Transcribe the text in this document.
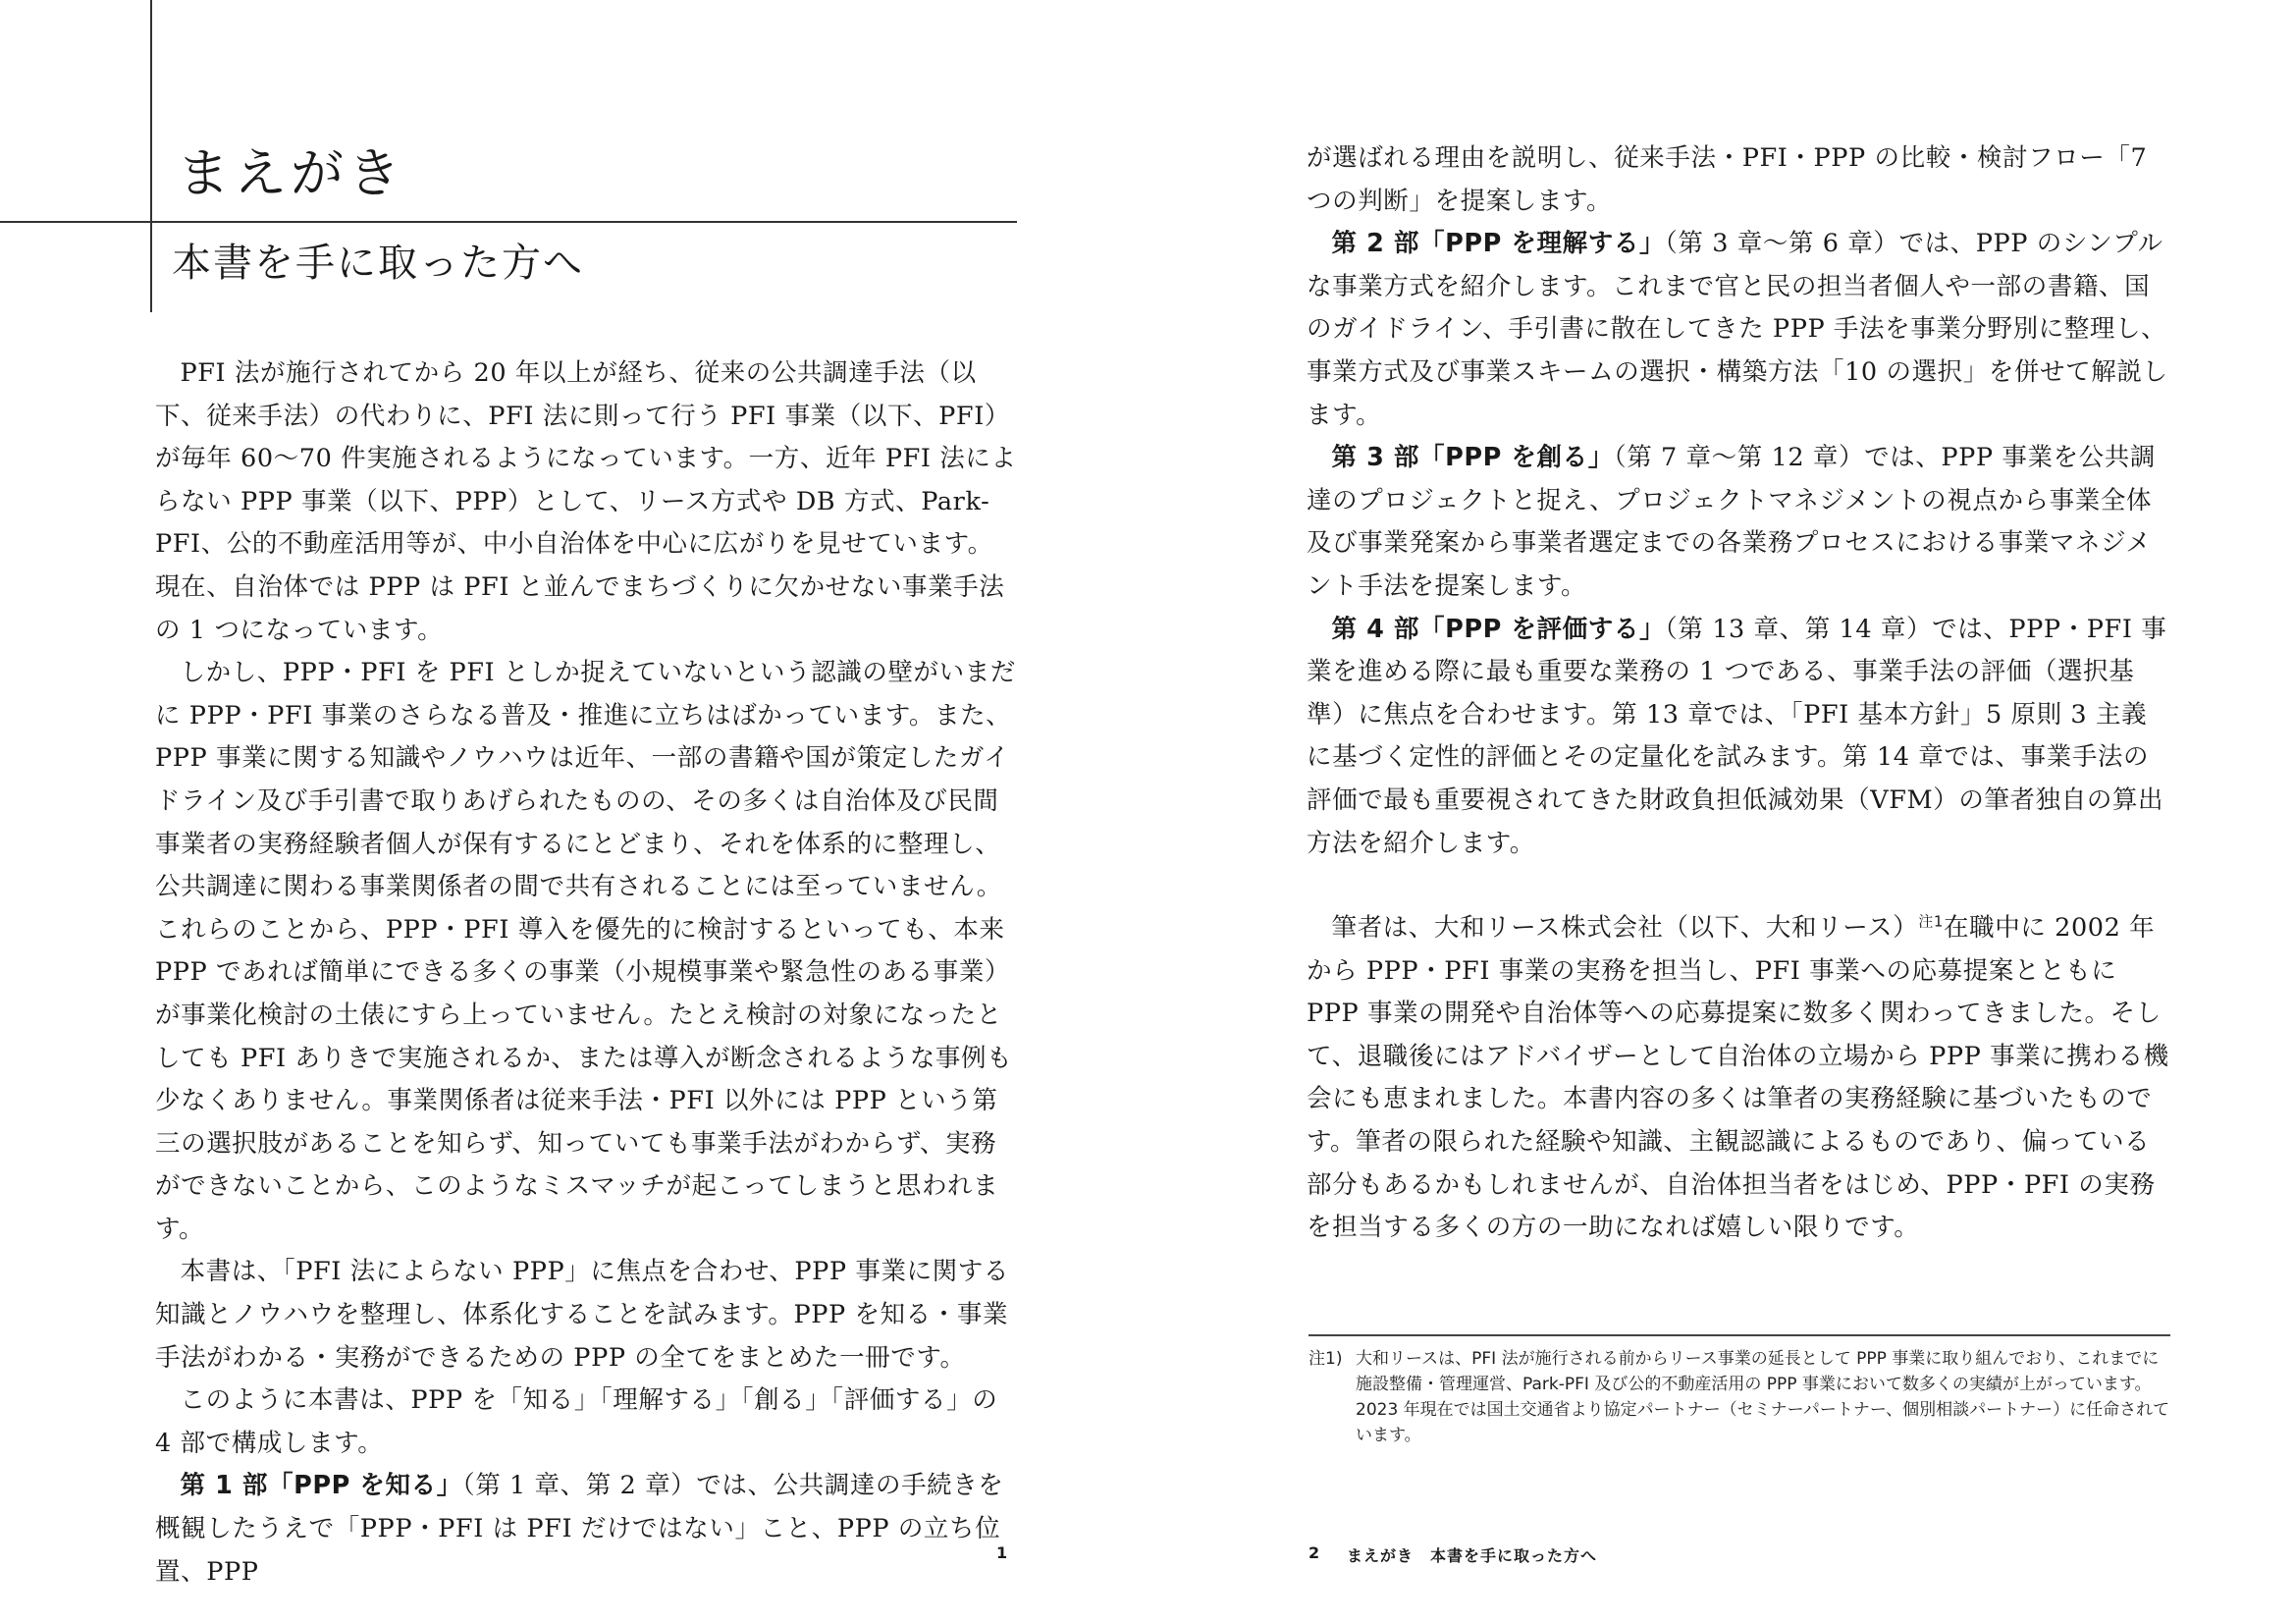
まえがき
本書を手に取った方へ

PFI 法が施行されてから 20 年以上が経ち、従来の公共調達手法（以下、従来手法）の代わりに、PFI 法に則って行う PFI 事業（以下、PFI）が毎年 60〜70 件実施されるようになっています。一方、近年 PFI 法によらない PPP 事業（以下、PPP）として、リース方式や DB 方式、Park-PFI、公的不動産活用等が、中小自治体を中心に広がりを見せています。現在、自治体では PPP は PFI と並んでまちづくりに欠かせない事業手法の 1 つになっています。

しかし、PPP・PFI を PFI としか捉えていないという認識の壁がいまだに PPP・PFI 事業のさらなる普及・推進に立ちはばかっています。また、PPP 事業に関する知識やノウハウは近年、一部の書籍や国が策定したガイドライン及び手引書で取りあげられたものの、その多くは自治体及び民間事業者の実務経験者個人が保有するにとどまり、それを体系的に整理し、公共調達に関わる事業関係者の間で共有されることには至っていません。これらのことから、PPP・PFI 導入を優先的に検討するといっても、本来 PPP であれば簡単にできる多くの事業（小規模事業や緊急性のある事業）が事業化検討の土俵にすら上っていません。たとえ検討の対象になったとしても PFI ありきで実施されるか、または導入が断念されるような事例も少なくありません。事業関係者は従来手法・PFI 以外には PPP という第三の選択肢があることを知らず、知っていても事業手法がわからず、実務ができないことから、このようなミスマッチが起こってしまうと思われます。

本書は、「PFI 法によらない PPP」に焦点を合わせ、PPP 事業に関する知識とノウハウを整理し、体系化することを試みます。PPP を知る・事業手法がわかる・実務ができるための PPP の全てをまとめた一冊です。

このように本書は、PPP を「知る」「理解する」「創る」「評価する」の 4 部で構成します。

第 1 部「PPP を知る」（第 1 章、第 2 章）では、公共調達の手続きを概観したうえで「PPP・PFI は PFI だけではない」こと、PPP の立ち位置、PPP

1

が選ばれる理由を説明し、従来手法・PFI・PPP の比較・検討フロー「7 つの判断」を提案します。

第 2 部「PPP を理解する」（第 3 章〜第 6 章）では、PPP のシンプルな事業方式を紹介します。これまで官と民の担当者個人や一部の書籍、国のガイドライン、手引書に散在してきた PPP 手法を事業分野別に整理し、事業方式及び事業スキームの選択・構築方法「10 の選択」を併せて解説します。

第 3 部「PPP を創る」（第 7 章〜第 12 章）では、PPP 事業を公共調達のプロジェクトと捉え、プロジェクトマネジメントの視点から事業全体及び事業発案から事業者選定までの各業務プロセスにおける事業マネジメント手法を提案します。

第 4 部「PPP を評価する」（第 13 章、第 14 章）では、PPP・PFI 事業を進める際に最も重要な業務の 1 つである、事業手法の評価（選択基準）に焦点を合わせます。第 13 章では、「PFI 基本方針」5 原則 3 主義に基づく定性的評価とその定量化を試みます。第 14 章では、事業手法の評価で最も重要視されてきた財政負担低減効果（VFM）の筆者独自の算出方法を紹介します。

筆者は、大和リース株式会社（以下、大和リース）$^{注1}$在職中に 2002 年から PPP・PFI 事業の実務を担当し、PFI 事業への応募提案とともに PPP 事業の開発や自治体等への応募提案に数多く関わってきました。そして、退職後にはアドバイザーとして自治体の立場から PPP 事業に携わる機会にも恵まれました。本書内容の多くは筆者の実務経験に基づいたものです。筆者の限られた経験や知識、主観認識によるものであり、偏っている部分もあるかもしれませんが、自治体担当者をはじめ、PPP・PFI の実務を担当する多くの方の一助になれば嬉しい限りです。

注1) 大和リースは、PFI 法が施行される前からリース事業の延長として PPP 事業に取り組んでおり、これまでに施設整備・管理運営、Park-PFI 及び公的不動産活用の PPP 事業において数多くの実績が上がっています。2023 年現在では国土交通省より協定パートナー（セミナーパートナー、個別相談パートナー）に任命されています。
2 まえがき　本書を手に取った方へ
